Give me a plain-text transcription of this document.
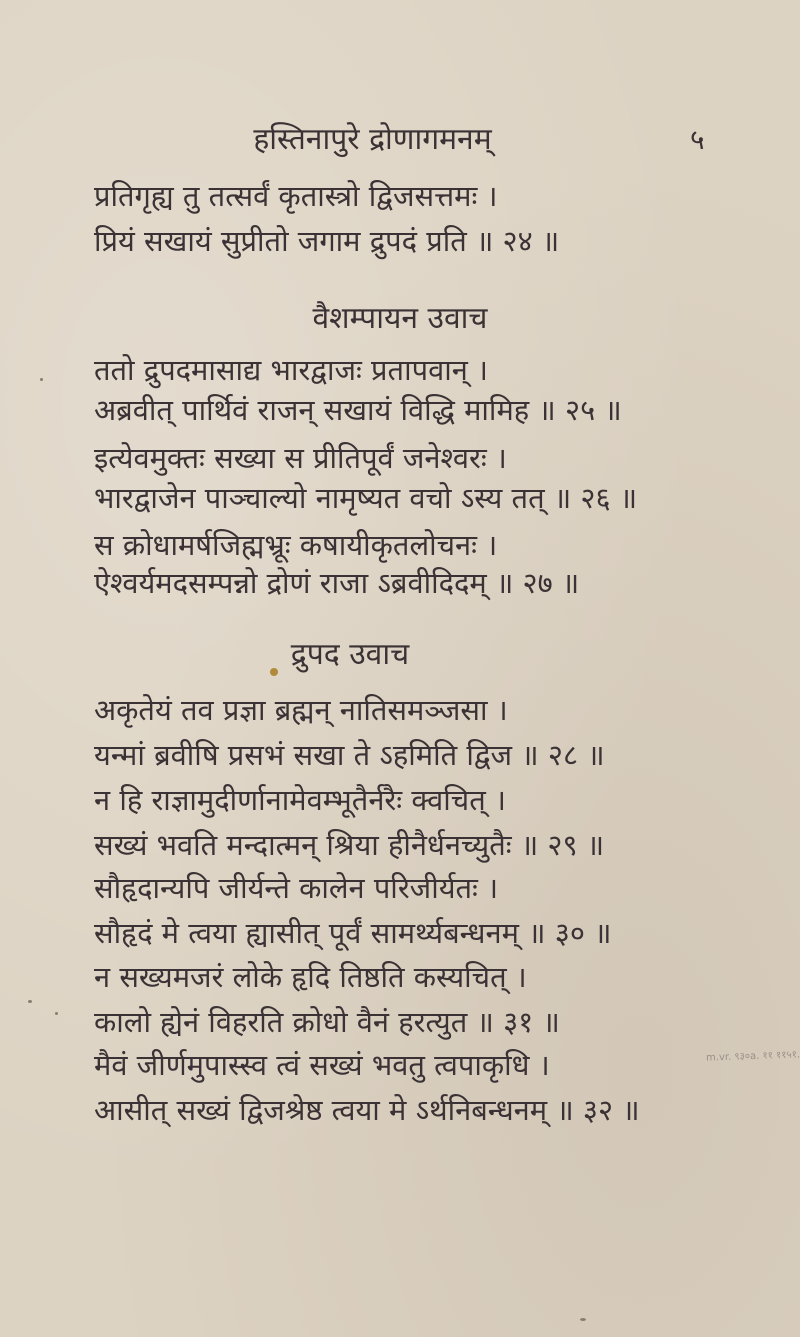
हस्तिनापुरे द्रोणागमनम्	५
प्रतिगृह्य तु तत्सर्वं कृतास्त्रो द्विजसत्तमः ।
प्रियं सखायं सुप्रीतो जगाम द्रुपदं प्रति ॥ २४ ॥
वैशम्पायन उवाच
ततो द्रुपदमासाद्य भारद्वाजः प्रतापवान् ।
अब्रवीत् पार्थिवं राजन् सखायं विद्धि मामिह ॥ २५ ॥
इत्येवमुक्तः सख्या स प्रीतिपूर्वं जनेश्वरः ।
भारद्वाजेन पाञ्चाल्यो नामृष्यत वचो ऽस्य तत् ॥ २६ ॥
स क्रोधामर्षजिह्मभ्रूः कषायीकृतलोचनः ।
ऐश्वर्यमदसम्पन्नो द्रोणं राजा ऽब्रवीदिदम् ॥ २७ ॥
द्रुपद उवाच
अकृतेयं तव प्रज्ञा ब्रह्मन् नातिसमञ्जसा ।
यन्मां ब्रवीषि प्रसभं सखा ते ऽहमिति द्विज ॥ २८ ॥
न हि राज्ञामुदीर्णानामेवम्भूतैर्नरैः क्वचित् ।
सख्यं भवति मन्दात्मन् श्रिया हीनैर्धनच्युतैः ॥ २९ ॥
सौहृदान्यपि जीर्यन्ते कालेन परिजीर्यतः ।
सौहृदं मे त्वया ह्यासीत् पूर्वं सामर्थ्यबन्धनम् ॥ ३० ॥
न सख्यमजरं लोके हृदि तिष्ठति कस्यचित् ।
कालो ह्येनं विहरति क्रोधो वैनं हरत्युत ॥ ३१ ॥
मैवं जीर्णमुपास्स्व त्वं सख्यं भवतु त्वपाकृधि ।
आसीत् सख्यं द्विजश्रेष्ठ त्वया मे ऽर्थनिबन्धनम् ॥ ३२ ॥
m.vr. ९३०a. ११ ११५१.
